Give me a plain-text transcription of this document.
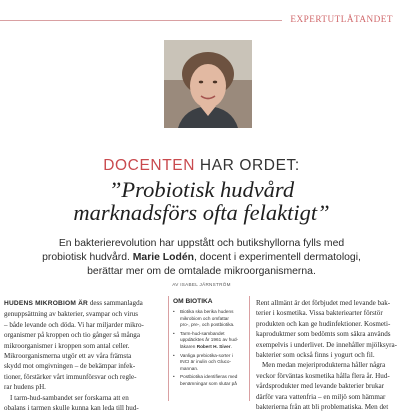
EXPERTUTLÅTANDET
DOCENTEN HAR ORDET:
”Probiotisk hudvård
marknadsförs ofta felaktigt”
En bakterierevolution har uppstått och butikshyllorna fylls med
probiotisk hudvård. Marie Lodén, docent i experimentell dermatologi,
berättar mer om de omtalade mikroorganismerna.
AV ISABEL JÄRNSTRÖM
HUDENS MIKROBIOM ÄR dess sammanlagda
genuppsättning av bakterier, svampar och virus
– både levande och döda. Vi har miljarder mikro-
organismer på kroppen och tio gånger så många
mikroorganismer i kroppen som antal celler.
Mikroorganismerna utgör ett av våra främsta
skydd mot omgivningen – de bekämpar infek-
tioner, förstärker vårt immunförsvar och regle-
rar hudens pH.
I tarm-hud-sambandet ser forskarna att en
obalans i tarmen skulle kunna kan leda till hud-
OM BIOTIKA
•	Biotika ska berika hudens
mikrobiom och omfattar
pro-, pre-, och postbiotika.
•	Tarm-hud-sambandet
uppdäcktes år 1961 av hud-
läkaren Robert H. Siver.
•	Vanliga prebiotika-sorter i
INCI är inulin och Gluco-
mannan.
•	Postbiotika identifieras med
benämningar som slutar på
Rent allmänt är det förbjudet med levande bak-
terier i kosmetika. Vissa bakteriearter förstör
produkten och kan ge hudinfektioner. Kosmeti-
kaproduktmer som bedömts som säkra används
exempelvis i underlivet. De innehåller mjölksyra-
bakterier som också finns i yogurt och fil.
Men medan mejeriprodukterna håller några
veckor förväntas kosmetika hålla flera år. Hud-
vårdsprodukter med levande bakterier brukar
därför vara vattenfria – en miljö som hämmar
bakterierna från att bli problematiska. Men det
